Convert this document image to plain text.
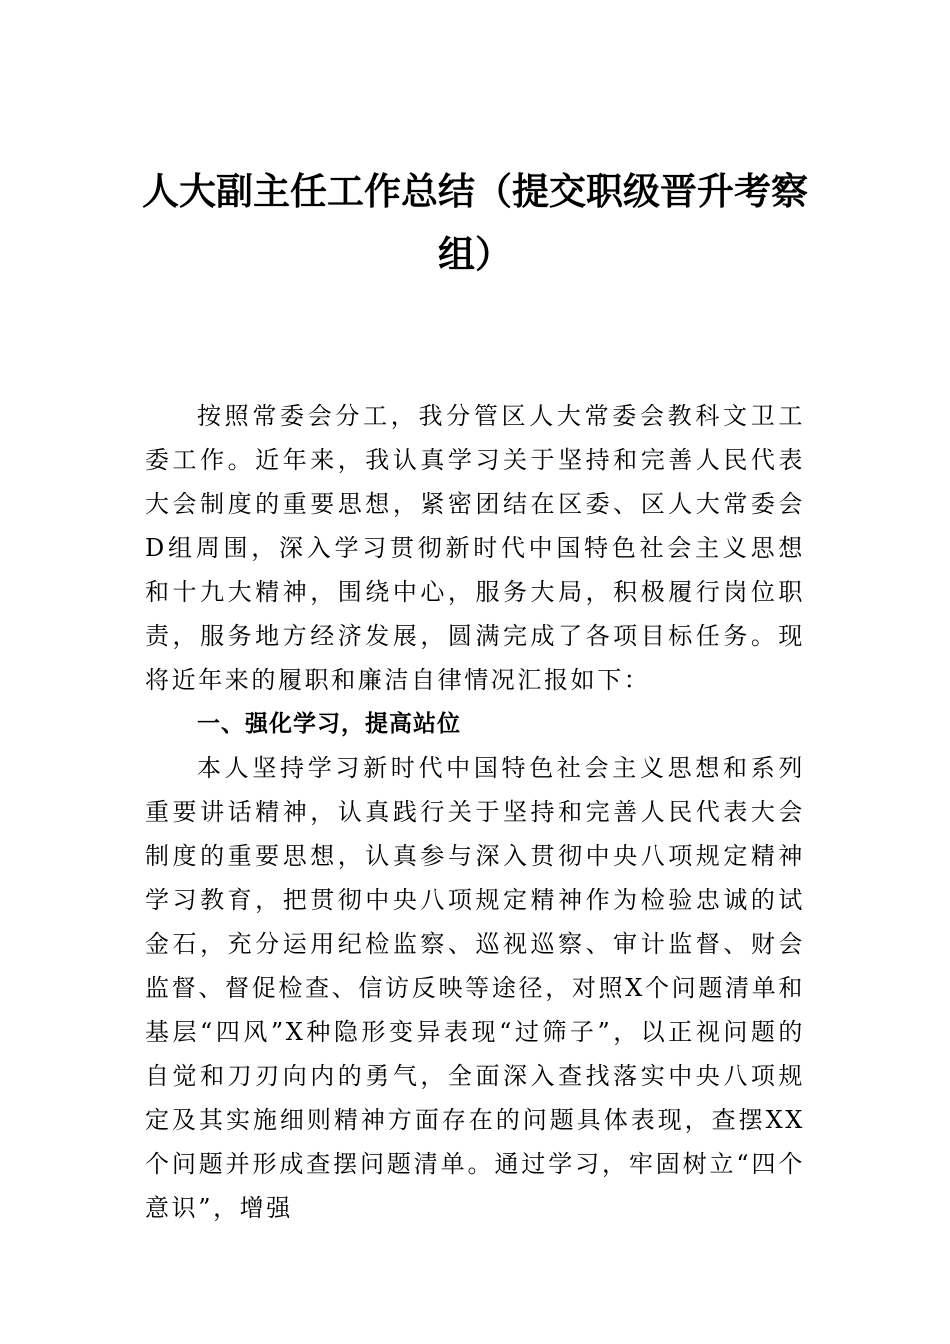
人大副主任工作总结（提交职级晋升考察组）

按照常委会分工，我分管区人大常委会教科文卫工委工作。近年来，我认真学习关于坚持和完善人民代表大会制度的重要思想，紧密团结在区委、区人大常委会D组周围，深入学习贯彻新时代中国特色社会主义思想和十九大精神，围绕中心，服务大局，积极履行岗位职责，服务地方经济发展，圆满完成了各项目标任务。现将近年来的履职和廉洁自律情况汇报如下：

一、强化学习，提高站位

本人坚持学习新时代中国特色社会主义思想和系列重要讲话精神，认真践行关于坚持和完善人民代表大会制度的重要思想，认真参与深入贯彻中央八项规定精神学习教育，把贯彻中央八项规定精神作为检验忠诚的试金石，充分运用纪检监察、巡视巡察、审计监督、财会监督、督促检查、信访反映等途径，对照X个问题清单和基层“四风”X种隐形变异表现“过筛子”，以正视问题的自觉和刀刃向内的勇气，全面深入查找落实中央八项规定及其实施细则精神方面存在的问题具体表现，查摆XX个问题并形成查摆问题清单。通过学习，牢固树立“四个意识”，增强
